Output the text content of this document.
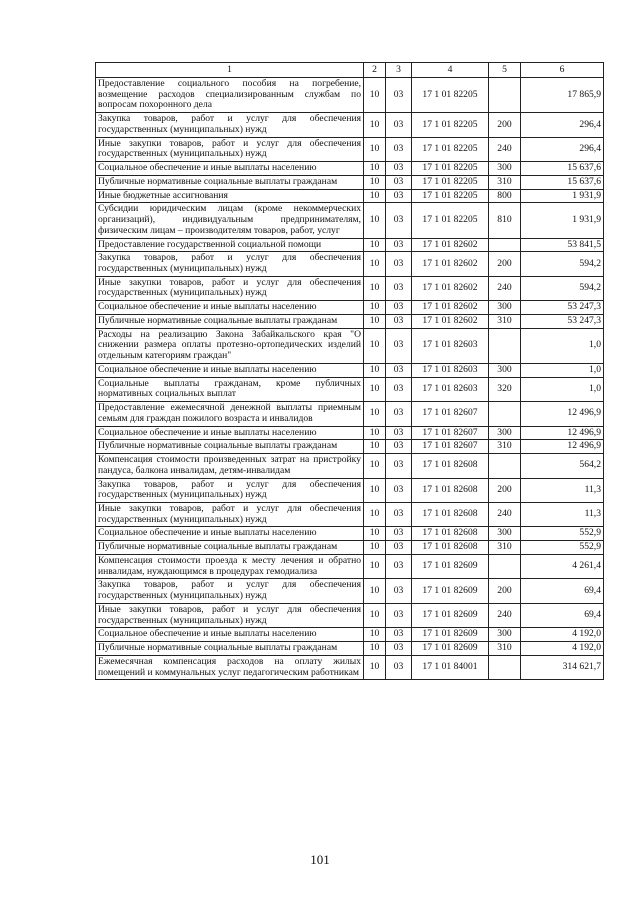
1	2	3	4	5	6
Предоставление социального пособия на погребение, возмещение расходов специализированным службам по вопросам похоронного дела	10	03	17 1 01 82205		17 865,9
Закупка товаров, работ и услуг для обеспечения государственных (муниципальных) нужд	10	03	17 1 01 82205	200	296,4
Иные закупки товаров, работ и услуг для обеспечения государственных (муниципальных) нужд	10	03	17 1 01 82205	240	296,4
Социальное обеспечение и иные выплаты населению	10	03	17 1 01 82205	300	15 637,6
Публичные нормативные социальные выплаты гражданам	10	03	17 1 01 82205	310	15 637,6
Иные бюджетные ассигнования	10	03	17 1 01 82205	800	1 931,9
Субсидии юридическим лицам (кроме некоммерческих организаций), индивидуальным предпринимателям, физическим лицам – производителям товаров, работ, услуг	10	03	17 1 01 82205	810	1 931,9
Предоставление государственной социальной помощи	10	03	17 1 01 82602		53 841,5
Закупка товаров, работ и услуг для обеспечения государственных (муниципальных) нужд	10	03	17 1 01 82602	200	594,2
Иные закупки товаров, работ и услуг для обеспечения государственных (муниципальных) нужд	10	03	17 1 01 82602	240	594,2
Социальное обеспечение и иные выплаты населению	10	03	17 1 01 82602	300	53 247,3
Публичные нормативные социальные выплаты гражданам	10	03	17 1 01 82602	310	53 247,3
Расходы на реализацию Закона Забайкальского края "О снижении размера оплаты протезно-ортопедических изделий отдельным категориям граждан"	10	03	17 1 01 82603		1,0
Социальное обеспечение и иные выплаты населению	10	03	17 1 01 82603	300	1,0
Социальные выплаты гражданам, кроме публичных нормативных социальных выплат	10	03	17 1 01 82603	320	1,0
Предоставление ежемесячной денежной выплаты приемным семьям для граждан пожилого возраста и инвалидов	10	03	17 1 01 82607		12 496,9
Социальное обеспечение и иные выплаты населению	10	03	17 1 01 82607	300	12 496,9
Публичные нормативные социальные выплаты гражданам	10	03	17 1 01 82607	310	12 496,9
Компенсация стоимости произведенных затрат на пристройку пандуса, балкона инвалидам, детям-инвалидам	10	03	17 1 01 82608		564,2
Закупка товаров, работ и услуг для обеспечения государственных (муниципальных) нужд	10	03	17 1 01 82608	200	11,3
Иные закупки товаров, работ и услуг для обеспечения государственных (муниципальных) нужд	10	03	17 1 01 82608	240	11,3
Социальное обеспечение и иные выплаты населению	10	03	17 1 01 82608	300	552,9
Публичные нормативные социальные выплаты гражданам	10	03	17 1 01 82608	310	552,9
Компенсация стоимости проезда к месту лечения и обратно инвалидам, нуждающимся в процедурах гемодиализа	10	03	17 1 01 82609		4 261,4
Закупка товаров, работ и услуг для обеспечения государственных (муниципальных) нужд	10	03	17 1 01 82609	200	69,4
Иные закупки товаров, работ и услуг для обеспечения государственных (муниципальных) нужд	10	03	17 1 01 82609	240	69,4
Социальное обеспечение и иные выплаты населению	10	03	17 1 01 82609	300	4 192,0
Публичные нормативные социальные выплаты гражданам	10	03	17 1 01 82609	310	4 192,0
Ежемесячная компенсация расходов на оплату жилых помещений и коммунальных услуг педагогическим работникам	10	03	17 1 01 84001		314 621,7
101
